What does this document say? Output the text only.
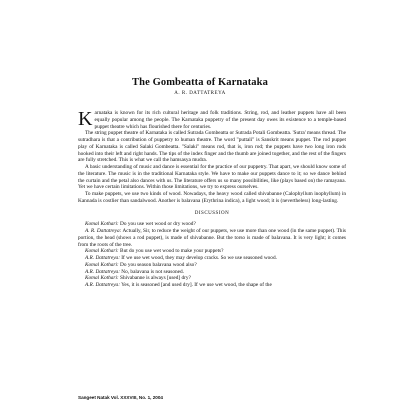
The Gombeatta of Karnataka
A. R. DATTATREYA

K arnataka is known for its rich cultural heritage and folk traditions. String, rod, and leather puppets have all been equally popular among the people. The Karnataka puppetry of the present day owes its existence to a temple-based puppet theatre which has flourished there for centuries.

The string puppet theatre of Karnataka is called Sutrada Gombeatta or Sutrada Potali Gombeatta. 'Sutra' means thread. The sutradhara is that a contribution of puppetry to human theatre. The word "puttali" is Sanskrit means puppet. The rod puppet play of Karnataka is called Salaki Gombeatta. "Salaki" means rod, that is, iron rod; the puppets have two long iron rods hooked into their left and right hands. The tips of the index finger and the thumb are joined together, and the rest of the fingers are fully stretched. This is what we call the hamsasya mudra.

A basic understanding of music and dance is essential for the practice of our puppetry. That apart, we should know some of the literature. The music is in the traditional Karnataka style. We have to make our puppets dance to it; so we dance behind the curtain and the petal also dances with us. The literature offers us so many possibilities, like (plays based on) the ramayana. Yet we have certain limitations. Within those limitations, we try to express ourselves.

To make puppets, we use two kinds of wood. Nowadays, the heavy wood called shivabanne (Calophyllum inophyllum) in Kannada is costlier than sandalwood. Another is balavana (Erythrina indica), a light wood; it is (nevertheless) long-lasting.

DISCUSSION

Komal Kothari: Do you use wet wood or dry wood?

A. R. Dattatreya: Actually, Sir, to reduce the weight of our puppets, we use more than one wood (in the same puppet). This portion, the head (shows a rod puppet), is made of shivabanne. But the torso is made of balavana. It is very light; it comes from the roots of the tree.

Komal Kothari: But do you use wet wood to make your puppets?

A.R. Dattatreya: If we use wet wood, they may develop cracks. So we use seasoned wood.

Komal Kothari: Do you season balavana wood also?

A.R. Dattatreya: No, balavana is not seasoned.

Komal Kothari: Shivabanne is always [used] dry?

A.R. Dattatreya: Yes, it is seasoned [and used dry]. If we use wet wood, the shape of the

Sangeet Natak Vol. XXXVIII, No. 1, 2004
